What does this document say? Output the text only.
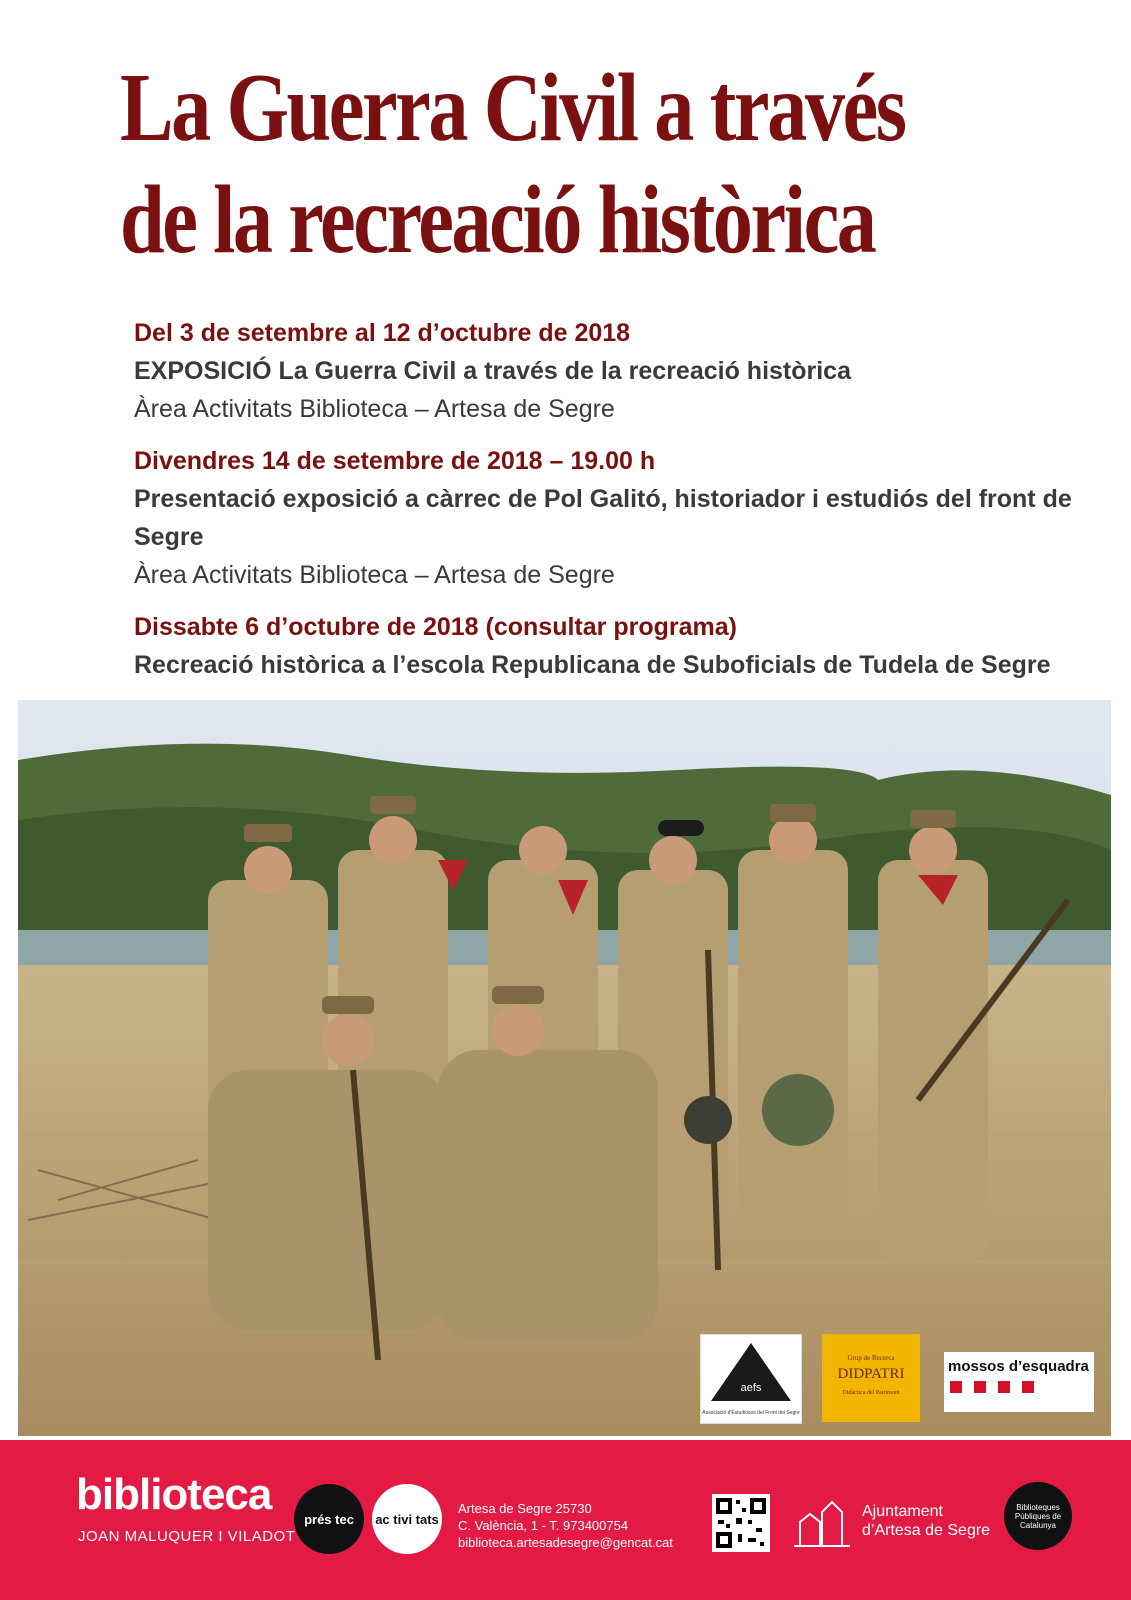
La Guerra Civil a través
de la recreació històrica
Del 3 de setembre al 12 d’octubre de 2018
EXPOSICIÓ La Guerra Civil a través de la recreació històrica
Àrea Activitats Biblioteca – Artesa de Segre
Divendres 14 de setembre de 2018 – 19.00 h
Presentació exposició a càrrec de Pol Galitó, historiador i estudiós del front de Segre
Àrea Activitats Biblioteca – Artesa de Segre
Dissabte 6 d’octubre de 2018 (consultar programa)
Recreació històrica a l’escola Republicana de Suboficials de Tudela de Segre
aefs
Associació d'Estudiosos del Front del Segre
Grup de Recerca
DIDPATRI
Didàctica del Patrimoni
mossos d’esquadra
biblioteca
JOAN MALUQUER I VILADOT
prés tec	ac tivi tats
Artesa de Segre 25730
C. València, 1 - T. 973400754
biblioteca.artesadesegre@gencat.cat
Ajuntament
d’Artesa de Segre
Biblioteques Públiques de Catalunya
